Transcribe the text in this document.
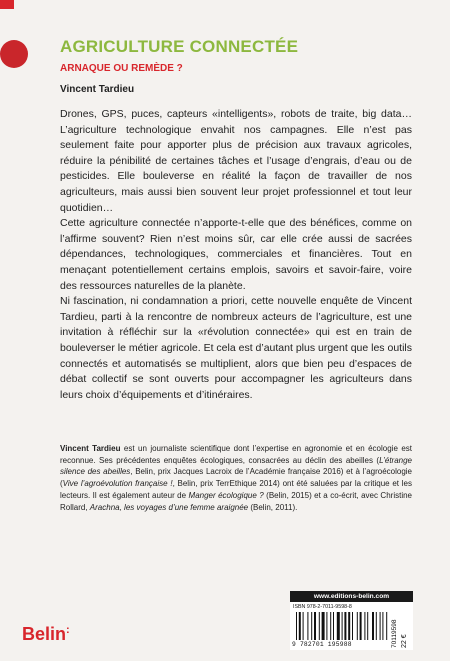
AGRICULTURE CONNECTÉE
ARNAQUE OU REMÈDE ?
Vincent Tardieu

Drones, GPS, puces, capteurs «intelligents», robots de traite, big data… L’agriculture technologique envahit nos campagnes. Elle n’est pas seulement faite pour apporter plus de précision aux travaux agricoles, réduire la pénibilité de certaines tâches et l’usage d’engrais, d’eau ou de pesticides. Elle bouleverse en réalité la façon de travailler de nos agriculteurs, mais aussi bien souvent leur projet professionnel et tout leur quotidien…

Cette agriculture connectée n’apporte-t-elle que des bénéfices, comme on l’affirme souvent? Rien n’est moins sûr, car elle crée aussi de sacrées dépendances, technologiques, commerciales et financières. Tout en menaçant potentiellement certains emplois, savoirs et savoir-faire, voire des ressources naturelles de la planète.

Ni fascination, ni condamnation a priori, cette nouvelle enquête de Vincent Tardieu, parti à la rencontre de nombreux acteurs de l’agriculture, est une invitation à réfléchir sur la «révolution connectée» qui est en train de bouleverser le métier agricole. Et cela est d’autant plus urgent que les outils connectés et automatisés se multiplient, alors que bien peu d’espaces de débat collectif se sont ouverts pour accompagner les agriculteurs dans leurs choix d’équipements et d’itinéraires.

Vincent Tardieu est un journaliste scientifique dont l’expertise en agronomie et en écologie est reconnue. Ses précédentes enquêtes écologiques, consacrées au déclin des abeilles (L’étrange silence des abeilles, Belin, prix Jacques Lacroix de l’Académie française 2016) et à l’agroécologie (Vive l’agroévolution française !, Belin, prix TerrEthique 2014) ont été saluées par la critique et les lecteurs. Il est également auteur de Manger écologique ? (Belin, 2015) et a co-écrit, avec Christine Rollard, Arachna, les voyages d’une femme araignée (Belin, 2011).
www.editions-belin.com
ISBN 978-2-7011-9598-8
9 782701 195988	70119598 22 €
Belin:
